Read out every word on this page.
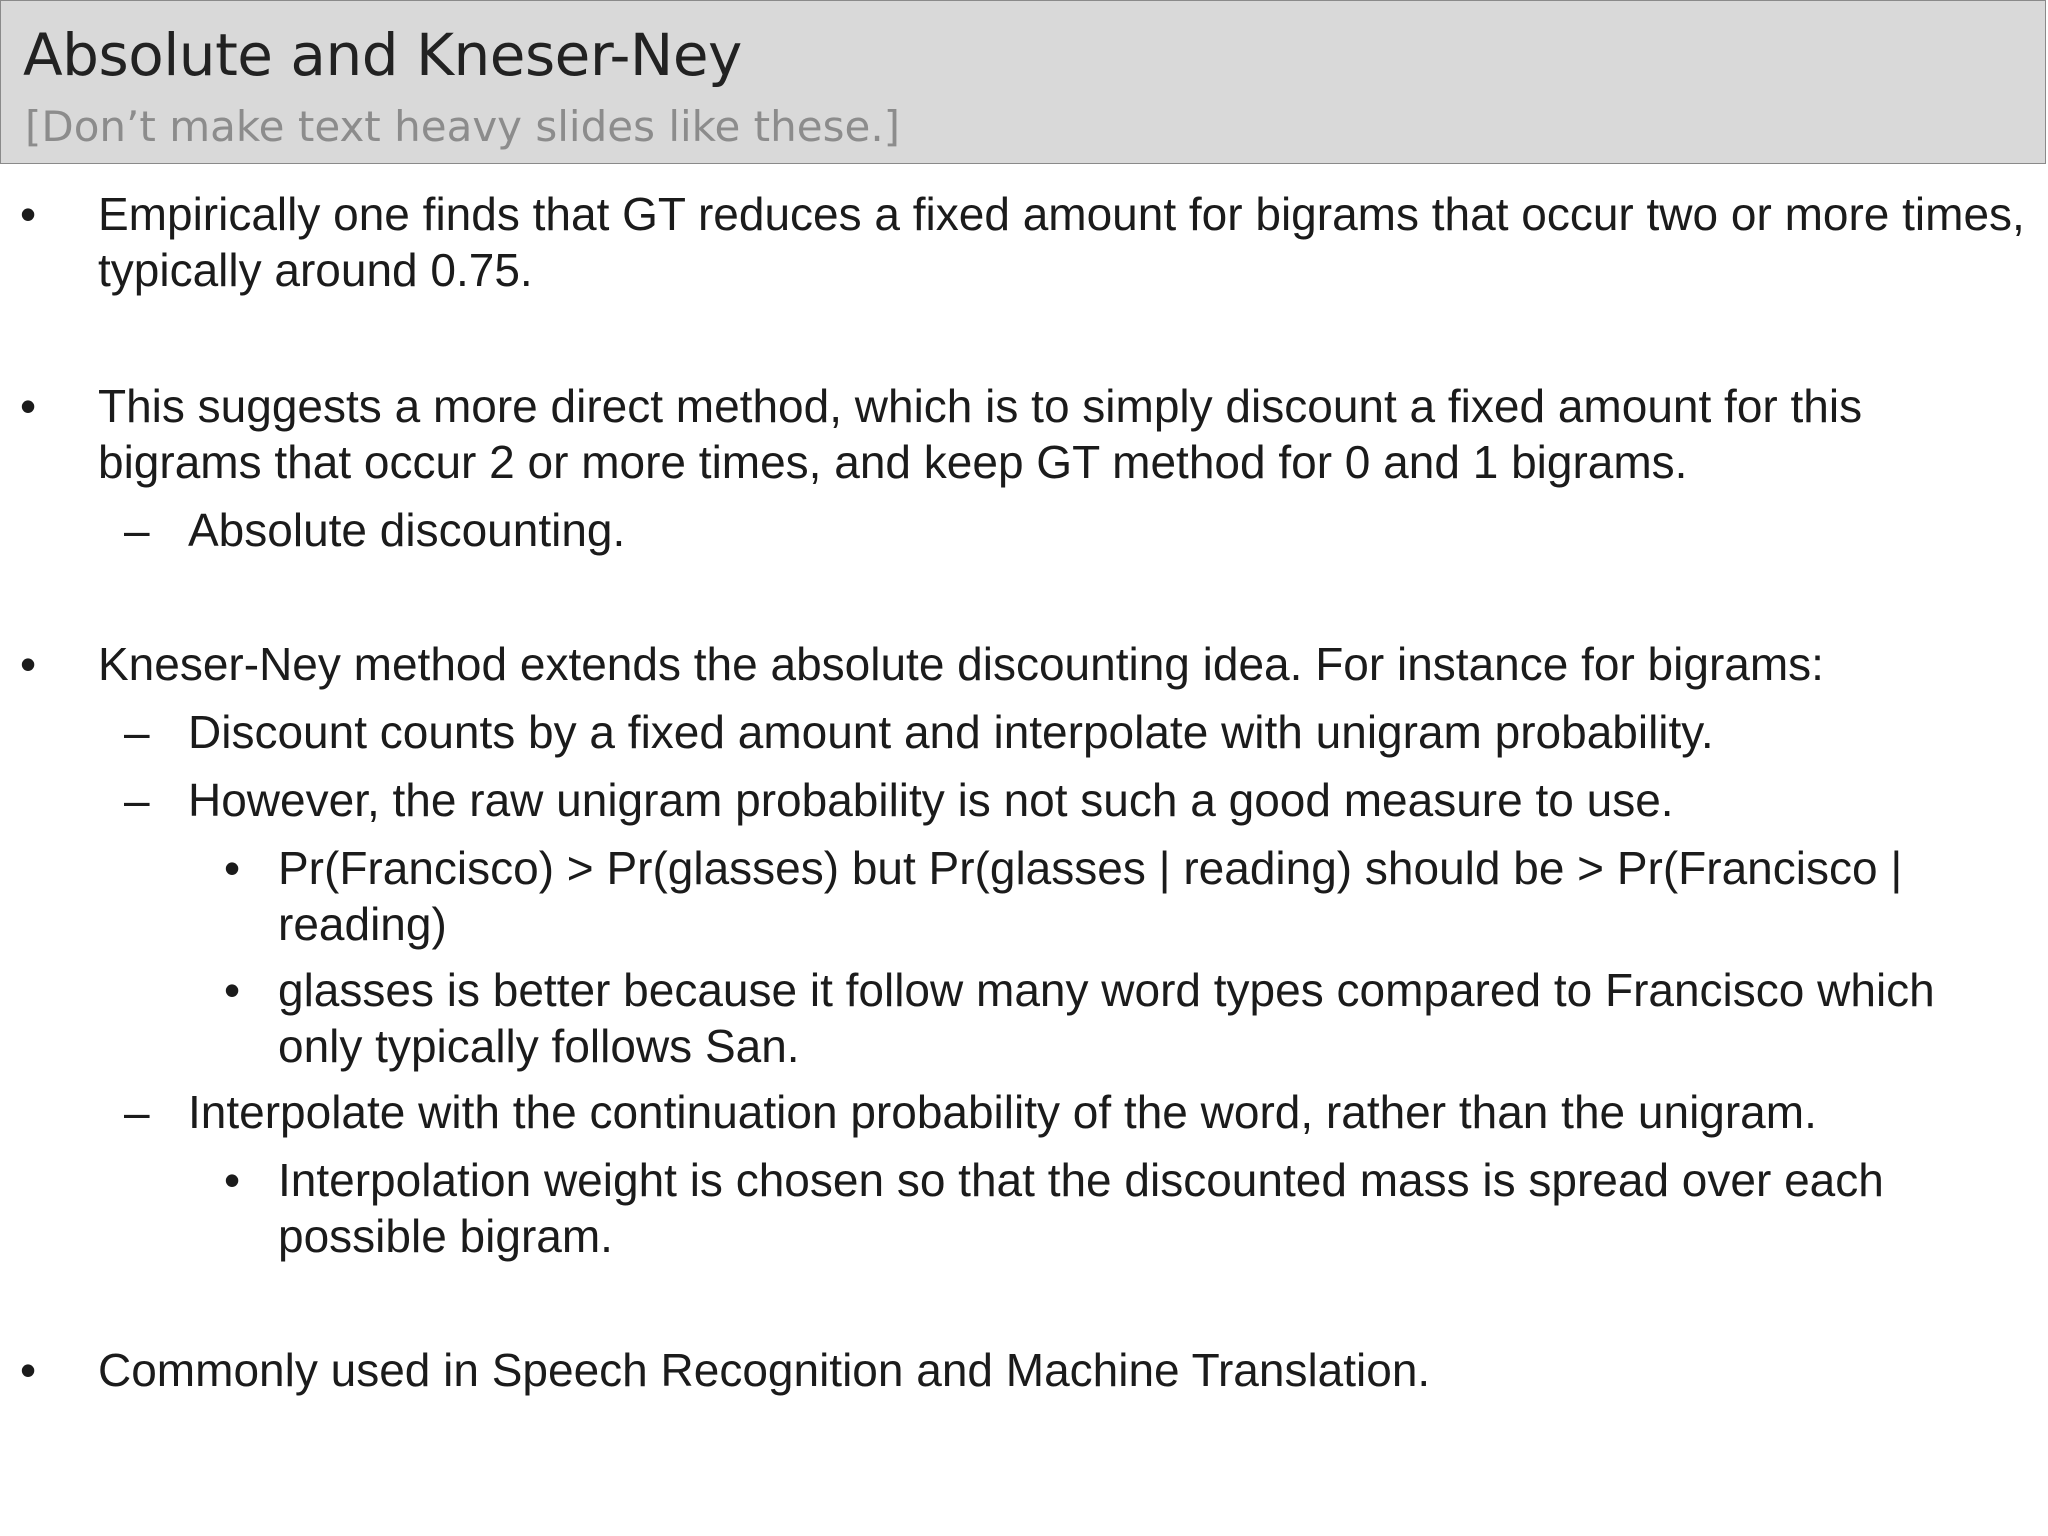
Absolute and Kneser-Ney
[Don’t make text heavy slides like these.]
• Empirically one finds that GT reduces a fixed amount for bigrams that occur two or more times, typically around 0.75.
• This suggests a more direct method, which is to simply discount a fixed amount for this bigrams that occur 2 or more times, and keep GT method for 0 and 1 bigrams.
– Absolute discounting.
• Kneser-Ney method extends the absolute discounting idea. For instance for bigrams:
– Discount counts by a fixed amount and interpolate with unigram probability.
– However, the raw unigram probability is not such a good measure to use.
• Pr(Francisco) > Pr(glasses) but Pr(glasses | reading) should be > Pr(Francisco | reading)
• glasses is better because it follow many word types compared to Francisco which only typically follows San.
– Interpolate with the continuation probability of the word, rather than the unigram.
• Interpolation weight is chosen so that the discounted mass is spread over each possible bigram.
• Commonly used in Speech Recognition and Machine Translation.
